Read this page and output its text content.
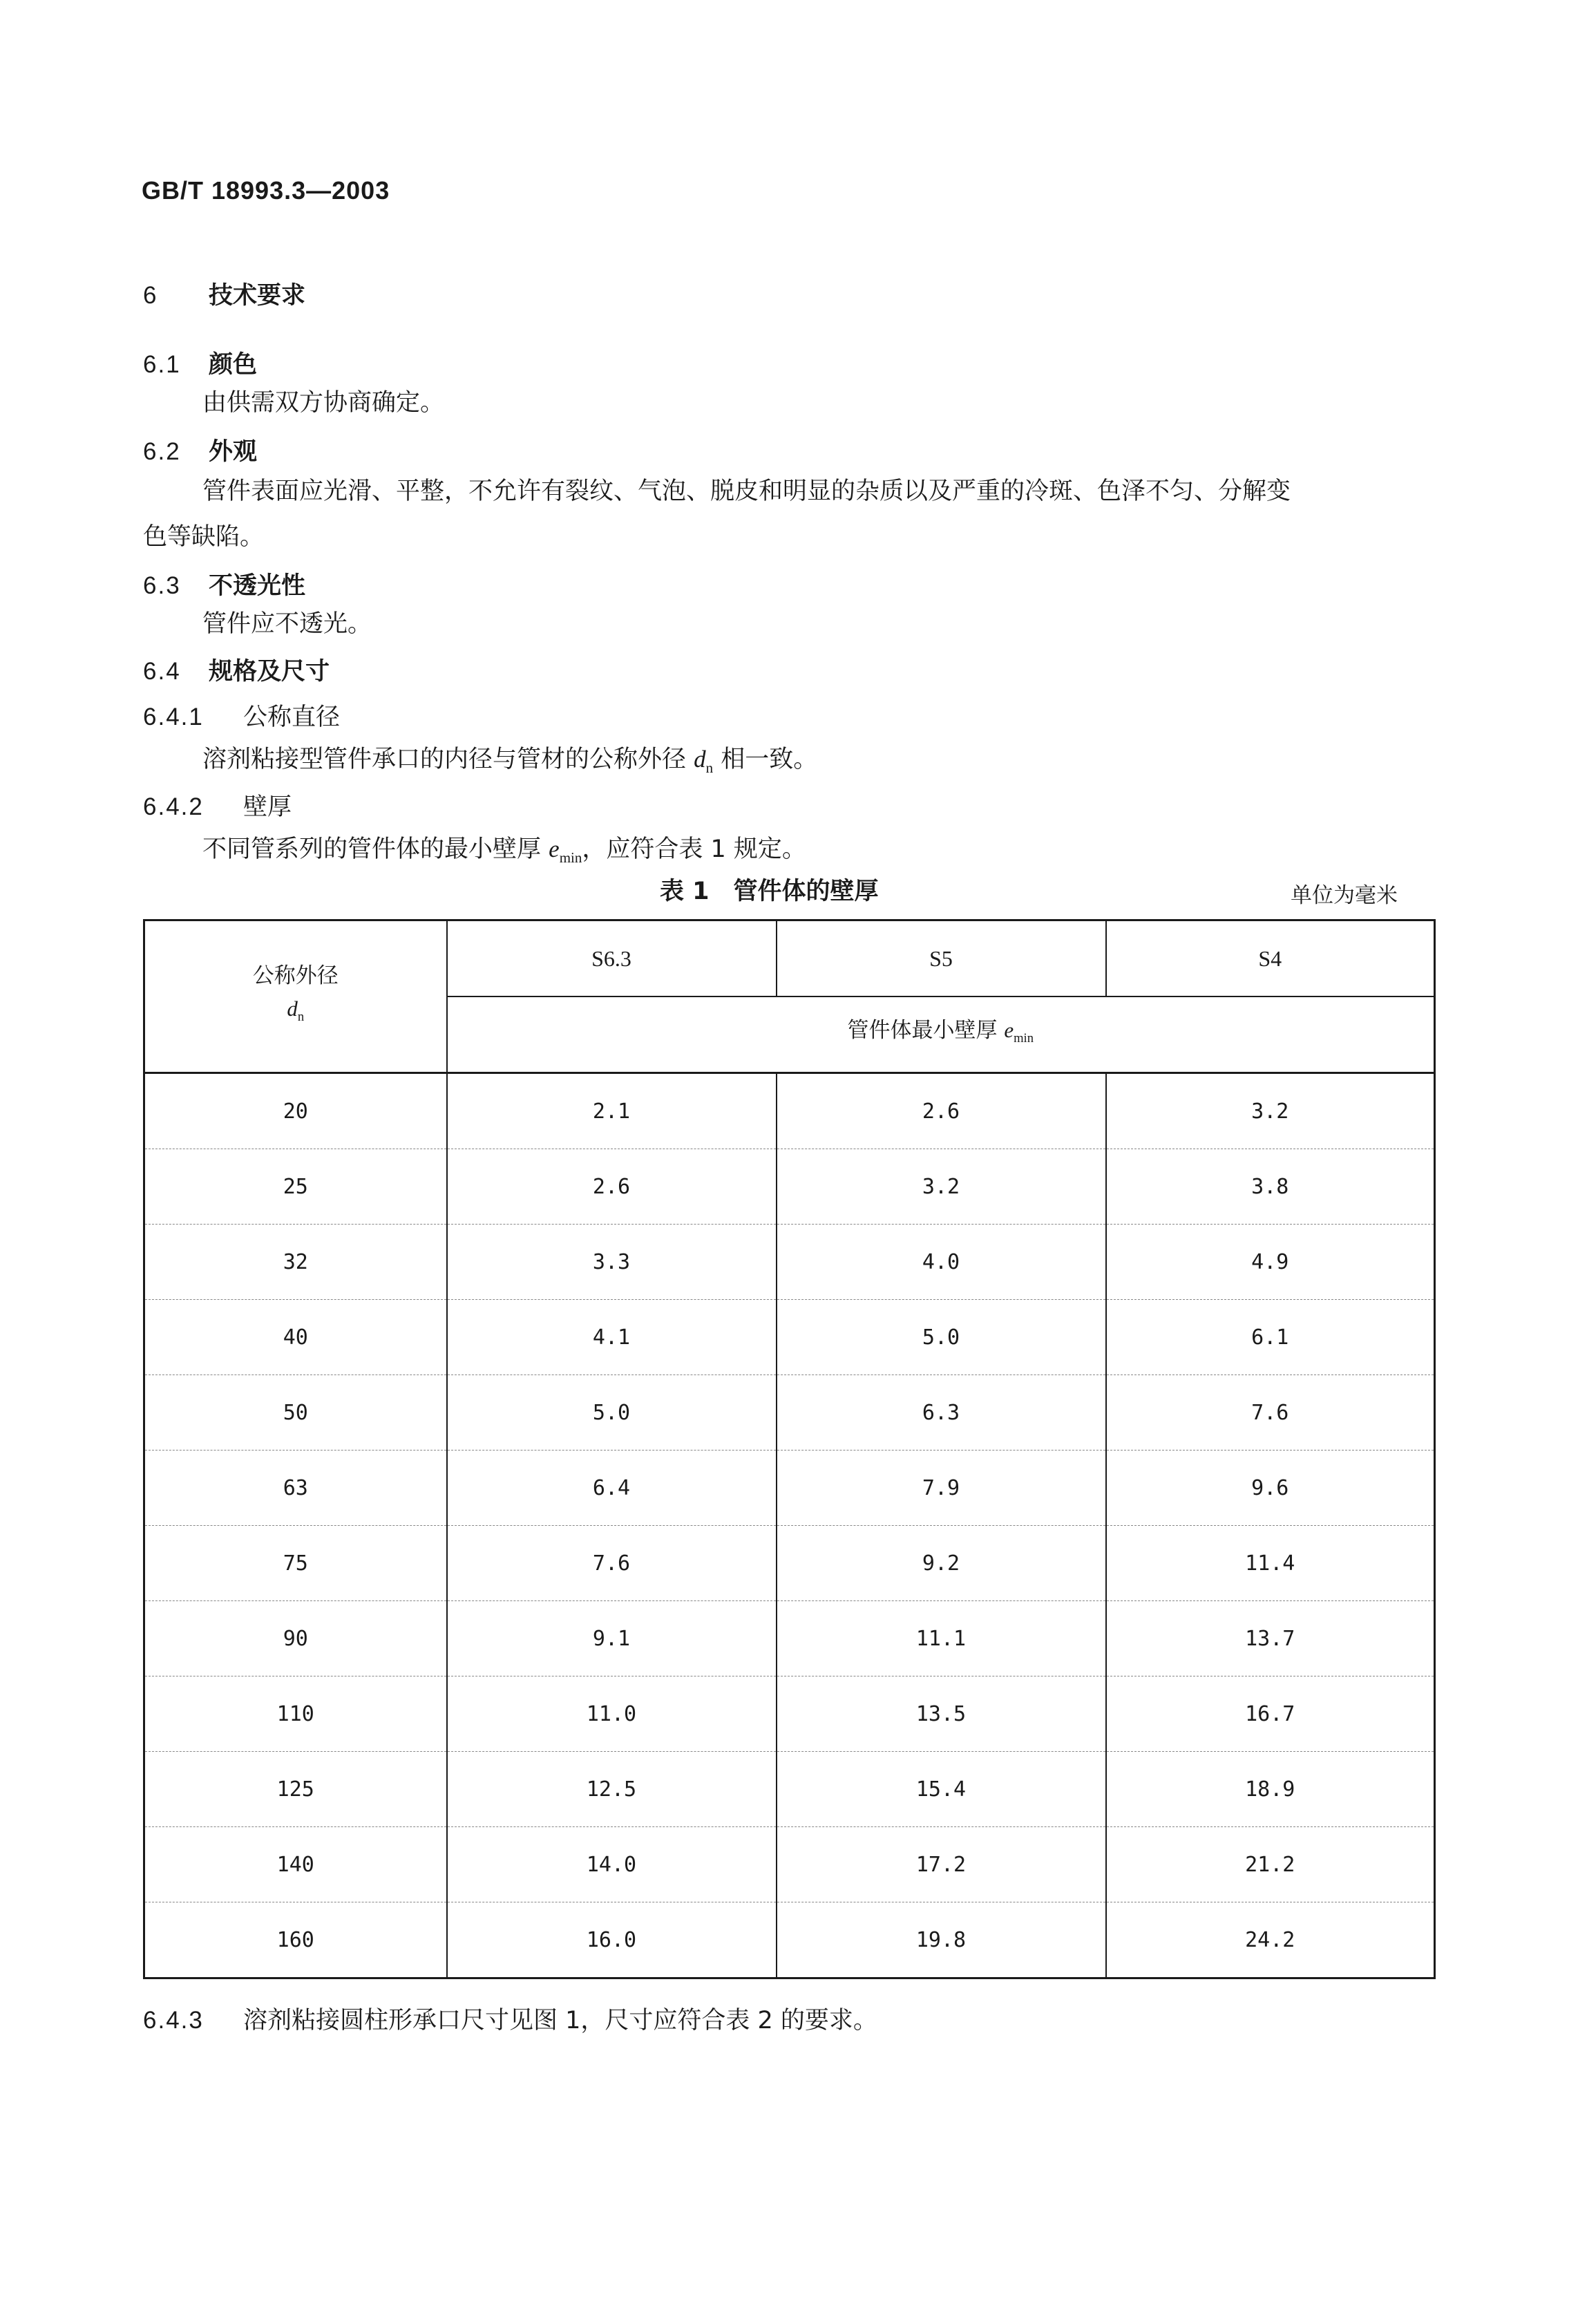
GB/T 18993.3—2003
6 技术要求
6.1 颜色
由供需双方协商确定。
6.2 外观
管件表面应光滑、平整，不允许有裂纹、气泡、脱皮和明显的杂质以及严重的冷斑、色泽不匀、分解变
色等缺陷。
6.3 不透光性
管件应不透光。
6.4 规格及尺寸
6.4.1 公称直径
溶剂粘接型管件承口的内径与管材的公称外径 $d_n$ 相一致。
6.4.2 壁厚
不同管系列的管件体的最小壁厚 $e_{min}$，应符合表 1 规定。
表 1　管件体的壁厚	单位为毫米
公称外径
$d_n$	S6.3	S5	S4
	管件体最小壁厚 $e_{min}$
20	2.1	2.6	3.2
25	2.6	3.2	3.8
32	3.3	4.0	4.9
40	4.1	5.0	6.1
50	5.0	6.3	7.6
63	6.4	7.9	9.6
75	7.6	9.2	11.4
90	9.1	11.1	13.7
110	11.0	13.5	16.7
125	12.5	15.4	18.9
140	14.0	17.2	21.2
160	16.0	19.8	24.2
6.4.3 溶剂粘接圆柱形承口尺寸见图 1，尺寸应符合表 2 的要求。
